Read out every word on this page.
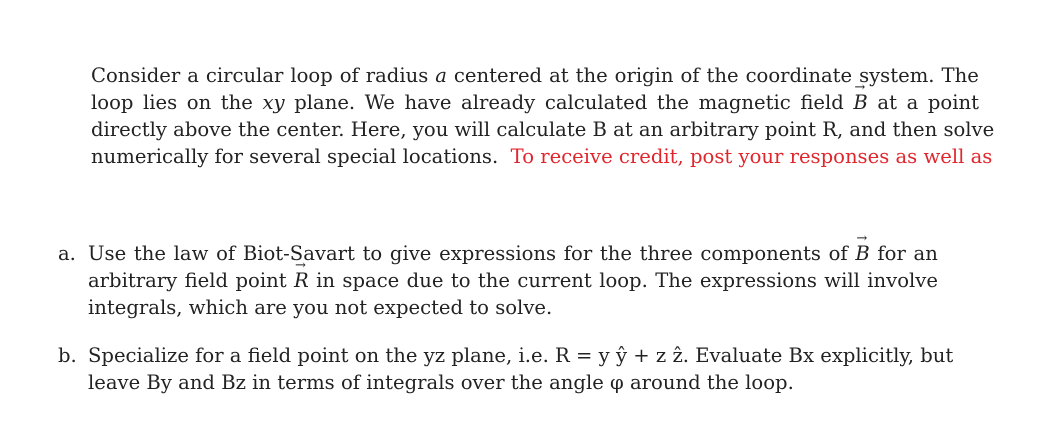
Consider a circular loop of radius a centered at the origin of the coordinate system. The
loop lies on the xy plane. We have already calculated the magnetic field B → at a point
directly above the center. Here, you will calculate B at an arbitrary point R, and then solve
numerically for several special locations. To receive credit, post your responses as well as
a. Use the law of Biot-Savart to give expressions for the three components of B → for an
arbitrary field point R → in space due to the current loop. The expressions will involve
integrals, which are you not expected to solve.
b. Specialize for a field point on the yz plane, i.e. R = y ŷ + z ẑ. Evaluate Bx explicitly, but
leave By and Bz in terms of integrals over the angle φ around the loop.
